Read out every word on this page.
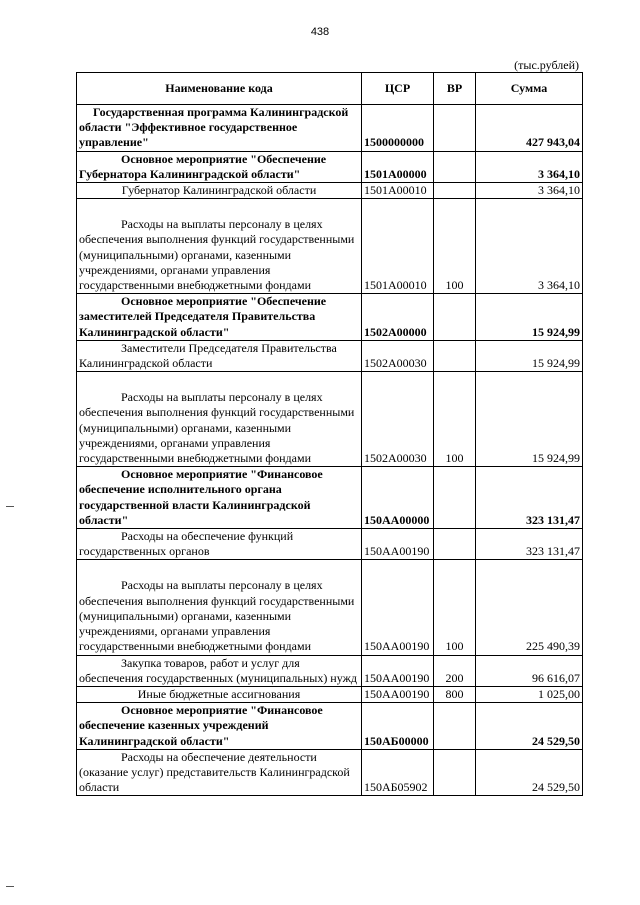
438
(тыс.рублей)
Наименование кода	ЦСР	ВР	Сумма
Государственная программа Калининградской области "Эффективное государственное управление"	1500000000		427 943,04
Основное мероприятие "Обеспечение Губернатора Калининградской области"	1501А00000		3 364,10
Губернатор Калининградской области	1501А00010		3 364,10
Расходы на выплаты персоналу в целях обеспечения выполнения функций государственными (муниципальными) органами, казенными учреждениями, органами управления государственными внебюджетными фондами	1501А00010	100	3 364,10
Основное мероприятие "Обеспечение заместителей Председателя Правительства Калининградской области"	1502А00000		15 924,99
Заместители Председателя Правительства Калининградской области	1502А00030		15 924,99
Расходы на выплаты персоналу в целях обеспечения выполнения функций государственными (муниципальными) органами, казенными учреждениями, органами управления государственными внебюджетными фондами	1502А00030	100	15 924,99
Основное мероприятие "Финансовое обеспечение исполнительного органа государственной власти Калининградской области"	150АА00000		323 131,47
Расходы на обеспечение функций государственных органов	150АА00190		323 131,47
Расходы на выплаты персоналу в целях обеспечения выполнения функций государственными (муниципальными) органами, казенными учреждениями, органами управления государственными внебюджетными фондами	150АА00190	100	225 490,39
Закупка товаров, работ и услуг для обеспечения государственных (муниципальных) нужд	150АА00190	200	96 616,07
Иные бюджетные ассигнования	150АА00190	800	1 025,00
Основное мероприятие "Финансовое обеспечение казенных учреждений Калининградской области"	150АБ00000		24 529,50
Расходы на обеспечение деятельности (оказание услуг) представительств Калининградской области	150АБ05902		24 529,50
